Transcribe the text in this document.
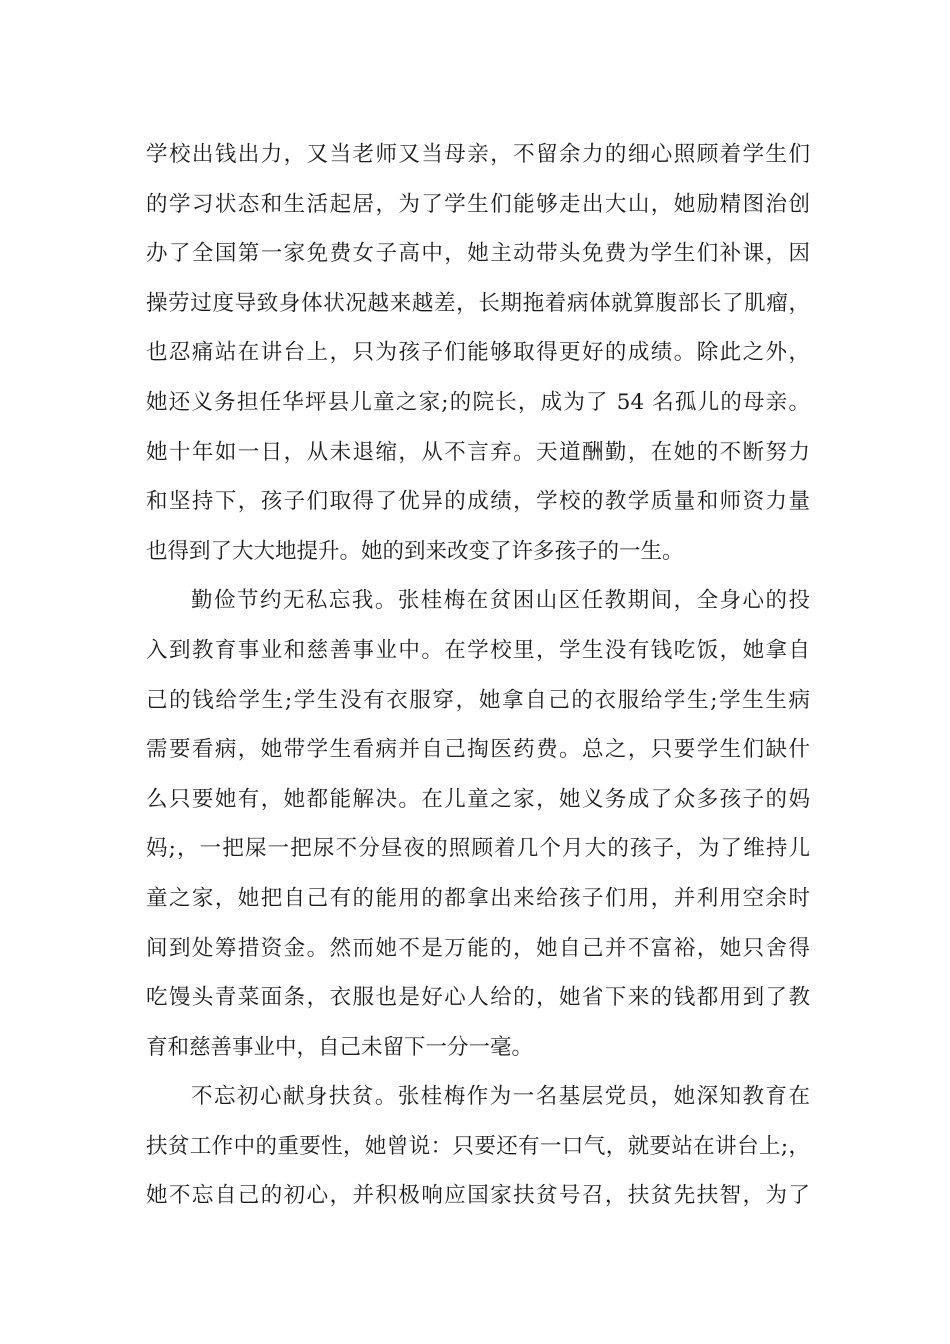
学校出钱出力，又当老师又当母亲，不留余力的细心照顾着学生们
的学习状态和生活起居，为了学生们能够走出大山，她励精图治创
办了全国第一家免费女子高中，她主动带头免费为学生们补课，因
操劳过度导致身体状况越来越差，长期拖着病体就算腹部长了肌瘤，
也忍痛站在讲台上，只为孩子们能够取得更好的成绩。除此之外，
她还义务担任华坪县儿童之家;的院长，成为了 54 名孤儿的母亲。
她十年如一日，从未退缩，从不言弃。天道酬勤，在她的不断努力
和坚持下，孩子们取得了优异的成绩，学校的教学质量和师资力量
也得到了大大地提升。她的到来改变了许多孩子的一生。
勤俭节约无私忘我。张桂梅在贫困山区任教期间，全身心的投
入到教育事业和慈善事业中。在学校里，学生没有钱吃饭，她拿自
己的钱给学生;学生没有衣服穿，她拿自己的衣服给学生;学生生病
需要看病，她带学生看病并自己掏医药费。总之，只要学生们缺什
么只要她有，她都能解决。在儿童之家，她义务成了众多孩子的妈
妈;，一把屎一把尿不分昼夜的照顾着几个月大的孩子，为了维持儿
童之家，她把自己有的能用的都拿出来给孩子们用，并利用空余时
间到处筹措资金。然而她不是万能的，她自己并不富裕，她只舍得
吃馒头青菜面条，衣服也是好心人给的，她省下来的钱都用到了教
育和慈善事业中，自己未留下一分一毫。
不忘初心献身扶贫。张桂梅作为一名基层党员，她深知教育在
扶贫工作中的重要性，她曾说：只要还有一口气，就要站在讲台上;，
她不忘自己的初心，并积极响应国家扶贫号召，扶贫先扶智，为了
